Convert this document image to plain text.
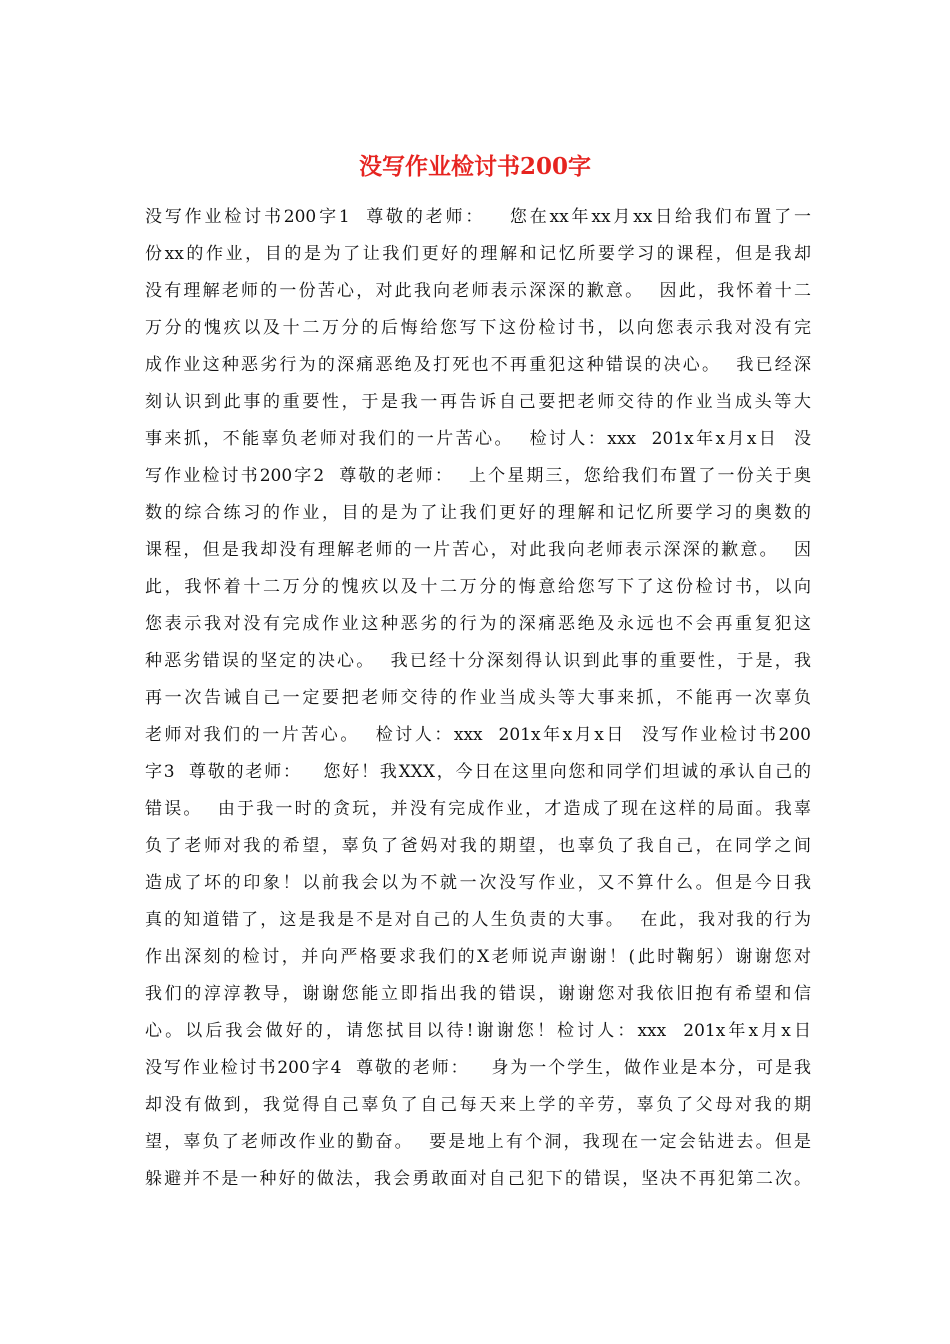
没写作业检讨书200字
没写作业检讨书200字1  尊敬的老师：   您在xx年xx月xx日给我们布置了一
份xx的作业，目的是为了让我们更好的理解和记忆所要学习的课程，但是我却
没有理解老师的一份苦心，对此我向老师表示深深的歉意。  因此，我怀着十二
万分的愧疚以及十二万分的后悔给您写下这份检讨书，以向您表示我对没有完
成作业这种恶劣行为的深痛恶绝及打死也不再重犯这种错误的决心。  我已经深
刻认识到此事的重要性，于是我一再告诉自己要把老师交待的作业当成头等大
事来抓，不能辜负老师对我们的一片苦心。  检讨人：xxx  201x年x月x日  没
写作业检讨书200字2  尊敬的老师：  上个星期三，您给我们布置了一份关于奥
数的综合练习的作业，目的是为了让我们更好的理解和记忆所要学习的奥数的
课程，但是我却没有理解老师的一片苦心，对此我向老师表示深深的歉意。  因
此，我怀着十二万分的愧疚以及十二万分的悔意给您写下了这份检讨书，以向
您表示我对没有完成作业这种恶劣的行为的深痛恶绝及永远也不会再重复犯这
种恶劣错误的坚定的决心。  我已经十分深刻得认识到此事的重要性，于是，我
再一次告诫自己一定要把老师交待的作业当成头等大事来抓，不能再一次辜负
老师对我们的一片苦心。  检讨人：xxx  201x年x月x日  没写作业检讨书200
字3  尊敬的老师：   您好！我XXX，今日在这里向您和同学们坦诚的承认自己的
错误。  由于我一时的贪玩，并没有完成作业，才造成了现在这样的局面。我辜
负了老师对我的希望，辜负了爸妈对我的期望，也辜负了我自己，在同学之间
造成了坏的印象！以前我会以为不就一次没写作业，又不算什么。但是今日我
真的知道错了，这是我是不是对自己的人生负责的大事。  在此，我对我的行为
作出深刻的检讨，并向严格要求我们的X老师说声谢谢！(此时鞠躬）谢谢您对
我们的淳淳教导，谢谢您能立即指出我的错误，谢谢您对我依旧抱有希望和信
心。以后我会做好的，请您拭目以待!谢谢您！检讨人：xxx  201x年x月x日
没写作业检讨书200字4  尊敬的老师：   身为一个学生，做作业是本分，可是我
却没有做到，我觉得自己辜负了自己每天来上学的辛劳，辜负了父母对我的期
望，辜负了老师改作业的勤奋。  要是地上有个洞，我现在一定会钻进去。但是
躲避并不是一种好的做法，我会勇敢面对自己犯下的错误，坚决不再犯第二次。
